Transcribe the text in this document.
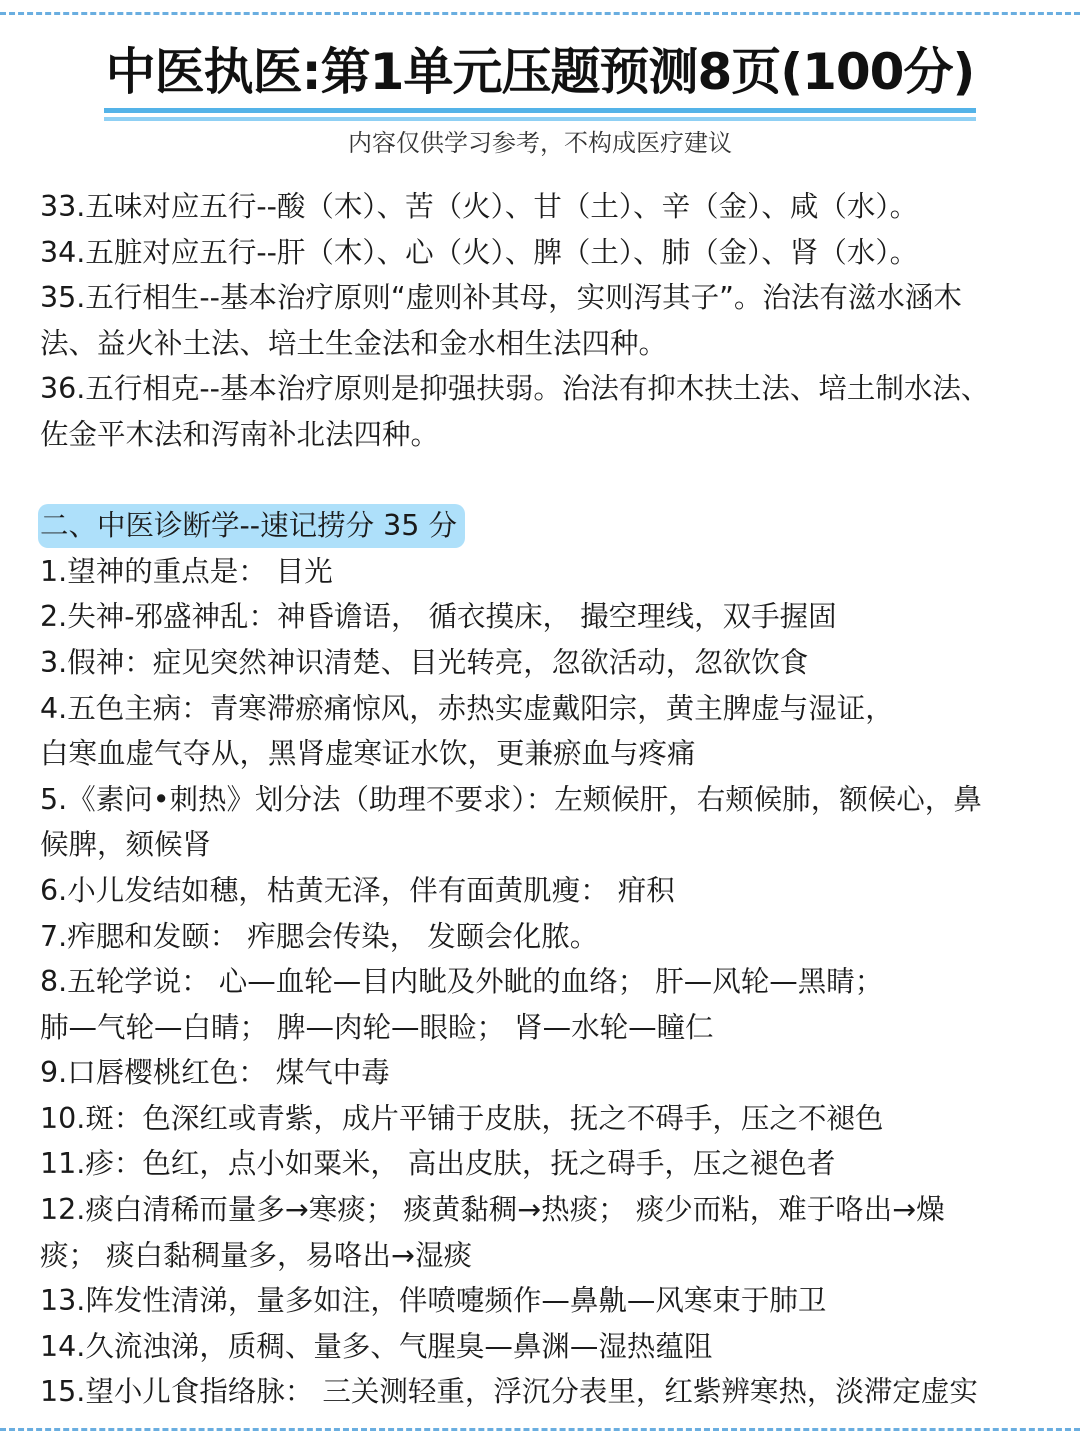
中医执医:第1单元压题预测8页(100分)
内容仅供学习参考，不构成医疗建议
33.五味对应五行--酸（木）、苦（火）、甘（土）、辛（金）、咸（水）。
34.五脏对应五行--肝（木）、心（火）、脾（土）、肺（金）、肾（水）。
35.五行相生--基本治疗原则“虚则补其母，实则泻其子”。治法有滋水涵木
法、益火补土法、培土生金法和金水相生法四种。
36.五行相克--基本治疗原则是抑强扶弱。治法有抑木扶土法、培土制水法、
佐金平木法和泻南补北法四种。
二、中医诊断学--速记捞分 35 分
1.望神的重点是： 目光
2.失神-邪盛神乱：神昏谵语， 循衣摸床， 撮空理线，双手握固
3.假神：症见突然神识清楚、目光转亮，忽欲活动，忽欲饮食
4.五色主病：青寒滞瘀痛惊风，赤热实虚戴阳宗，黄主脾虚与湿证，
白寒血虚气夺从，黑肾虚寒证水饮，更兼瘀血与疼痛
5.《素问•刺热》划分法（助理不要求）：左颊候肝，右颊候肺，额候心，鼻
候脾，颏候肾
6.小儿发结如穗，枯黄无泽，伴有面黄肌瘦： 疳积
7.痄腮和发颐： 痄腮会传染， 发颐会化脓。
8.五轮学说： 心—血轮—目内眦及外眦的血络； 肝—风轮—黑睛；
肺—气轮—白睛； 脾—肉轮—眼睑； 肾—水轮—瞳仁
9.口唇樱桃红色： 煤气中毒
10.斑：色深红或青紫，成片平铺于皮肤，抚之不碍手，压之不褪色
11.疹：色红，点小如粟米， 高出皮肤，抚之碍手，压之褪色者
12.痰白清稀而量多→寒痰； 痰黄黏稠→热痰； 痰少而粘，难于咯出→燥
痰； 痰白黏稠量多，易咯出→湿痰
13.阵发性清涕，量多如注，伴喷嚏频作—鼻鼽—风寒束于肺卫
14.久流浊涕，质稠、量多、气腥臭—鼻渊—湿热蕴阻
15.望小儿食指络脉： 三关测轻重，浮沉分表里，红紫辨寒热，淡滞定虚实
